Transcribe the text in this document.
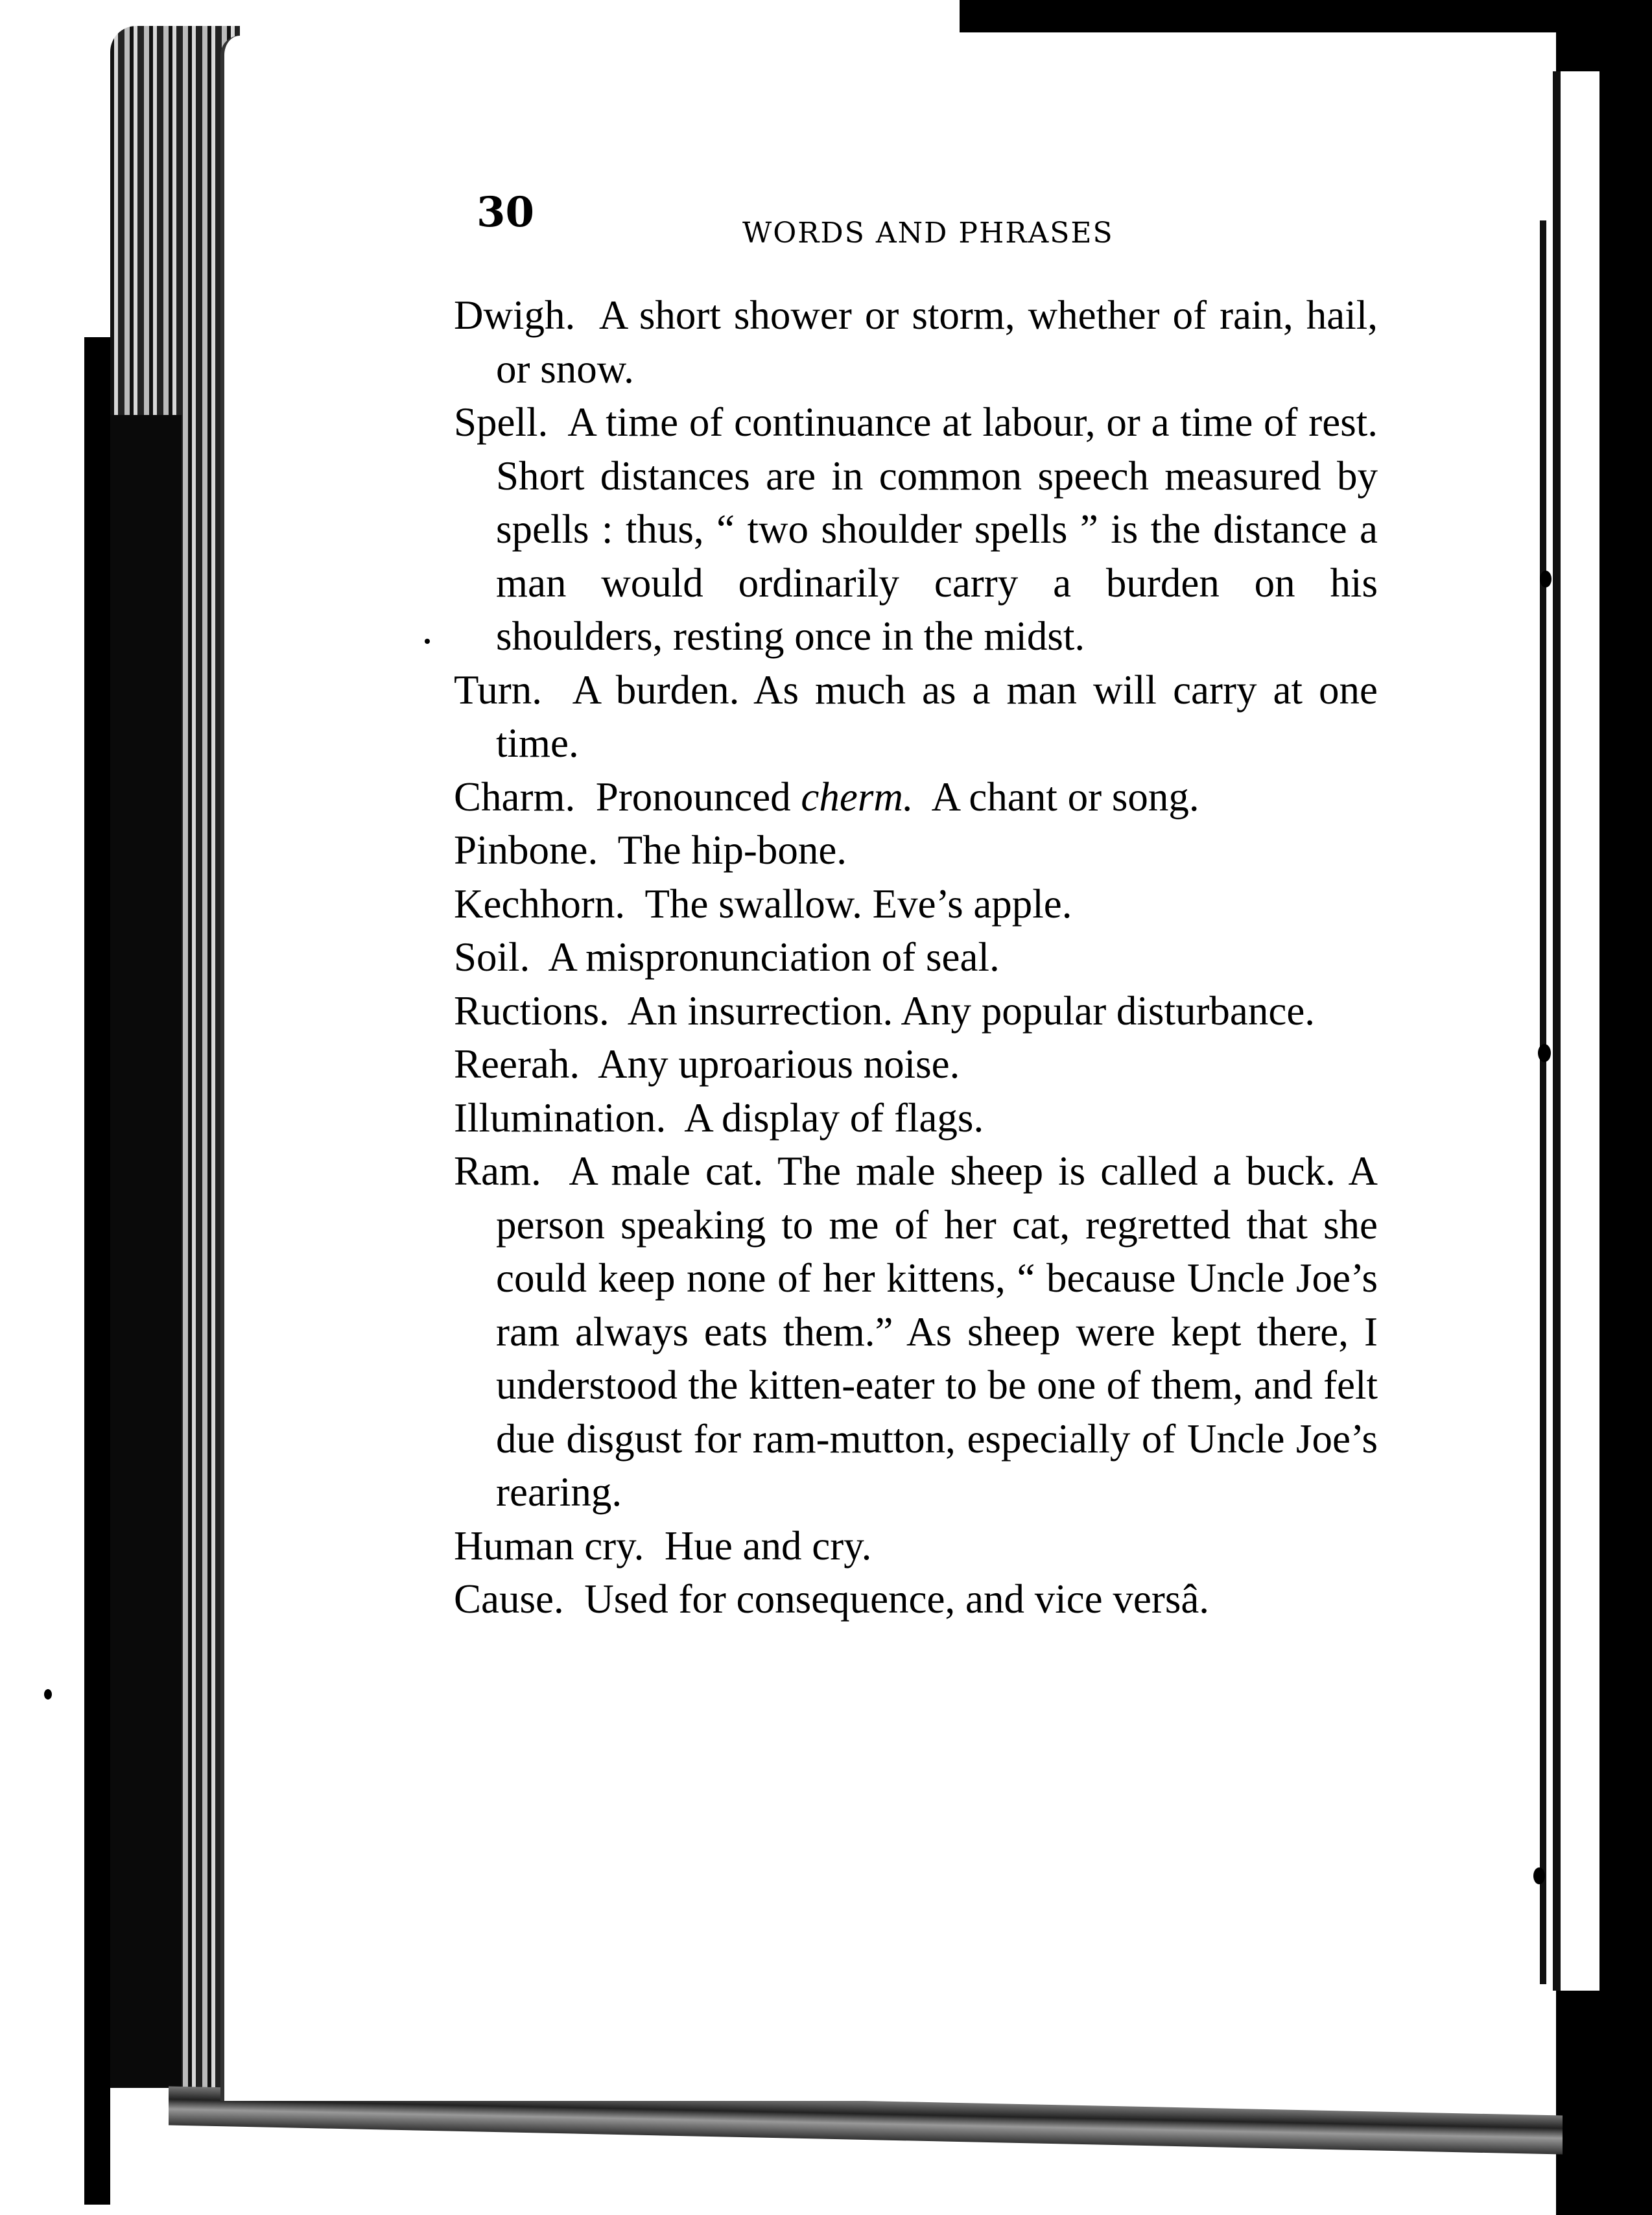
30	WORDS AND PHRASES

Dwigh. A short shower or storm, whether of rain, hail, or snow.

Spell. A time of continuance at labour, or a time of rest. Short distances are in common speech measured by spells : thus, “ two shoulder spells ” is the distance a man would ordinarily carry a burden on his shoulders, resting once in the midst.

Turn. A burden. As much as a man will carry at one time.

Charm. Pronounced cherm. A chant or song.

Pinbone. The hip-bone.

Kechhorn. The swallow. Eve’s apple.

Soil. A mispronunciation of seal.

Ructions. An insurrection. Any popular disturbance.

Reerah. Any uproarious noise.

Illumination. A display of flags.

Ram. A male cat. The male sheep is called a buck. A person speaking to me of her cat, regretted that she could keep none of her kittens, “ because Uncle Joe’s ram always eats them.” As sheep were kept there, I understood the kitten-eater to be one of them, and felt due disgust for ram-mutton, especially of Uncle Joe’s rearing.

Human cry. Hue and cry.

Cause. Used for consequence, and vice versâ.
